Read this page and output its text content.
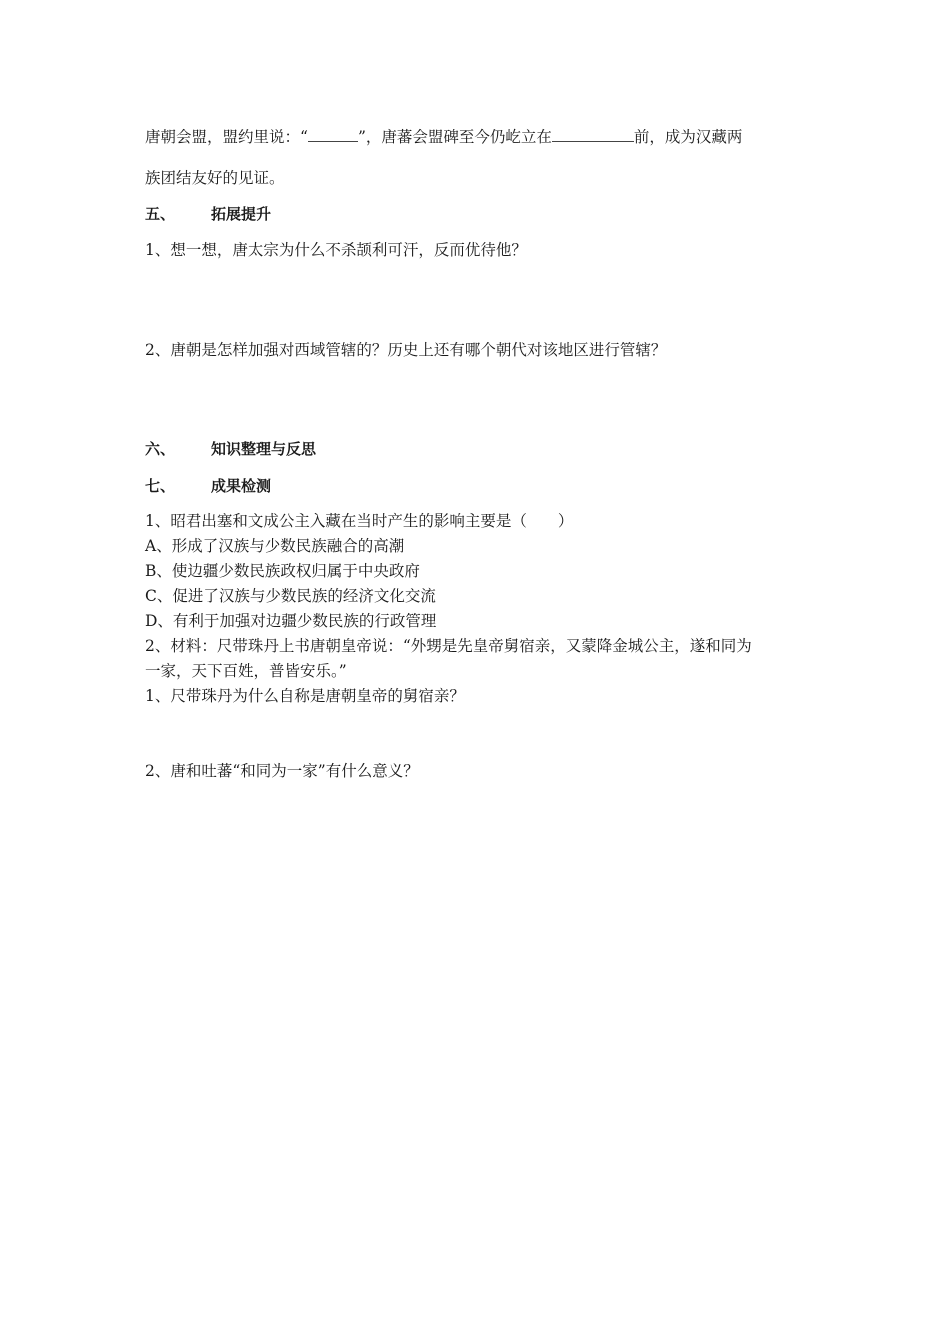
唐朝会盟，盟约里说：“	”，唐蕃会盟碑至今仍屹立在	前，成为汉藏两
族团结友好的见证。
五、 拓展提升
1、想一想，唐太宗为什么不杀颉利可汗，反而优待他？
2、唐朝是怎样加强对西域管辖的？历史上还有哪个朝代对该地区进行管辖？
六、 知识整理与反思
七、 成果检测
1、昭君出塞和文成公主入藏在当时产生的影响主要是（　　）
A、形成了汉族与少数民族融合的高潮
B、使边疆少数民族政权归属于中央政府
C、促进了汉族与少数民族的经济文化交流
D、有利于加强对边疆少数民族的行政管理
2、材料：尺带珠丹上书唐朝皇帝说：“外甥是先皇帝舅宿亲，又蒙降金城公主，遂和同为
一家，天下百姓，普皆安乐。”
1、尺带珠丹为什么自称是唐朝皇帝的舅宿亲？
2、唐和吐蕃“和同为一家”有什么意义？
